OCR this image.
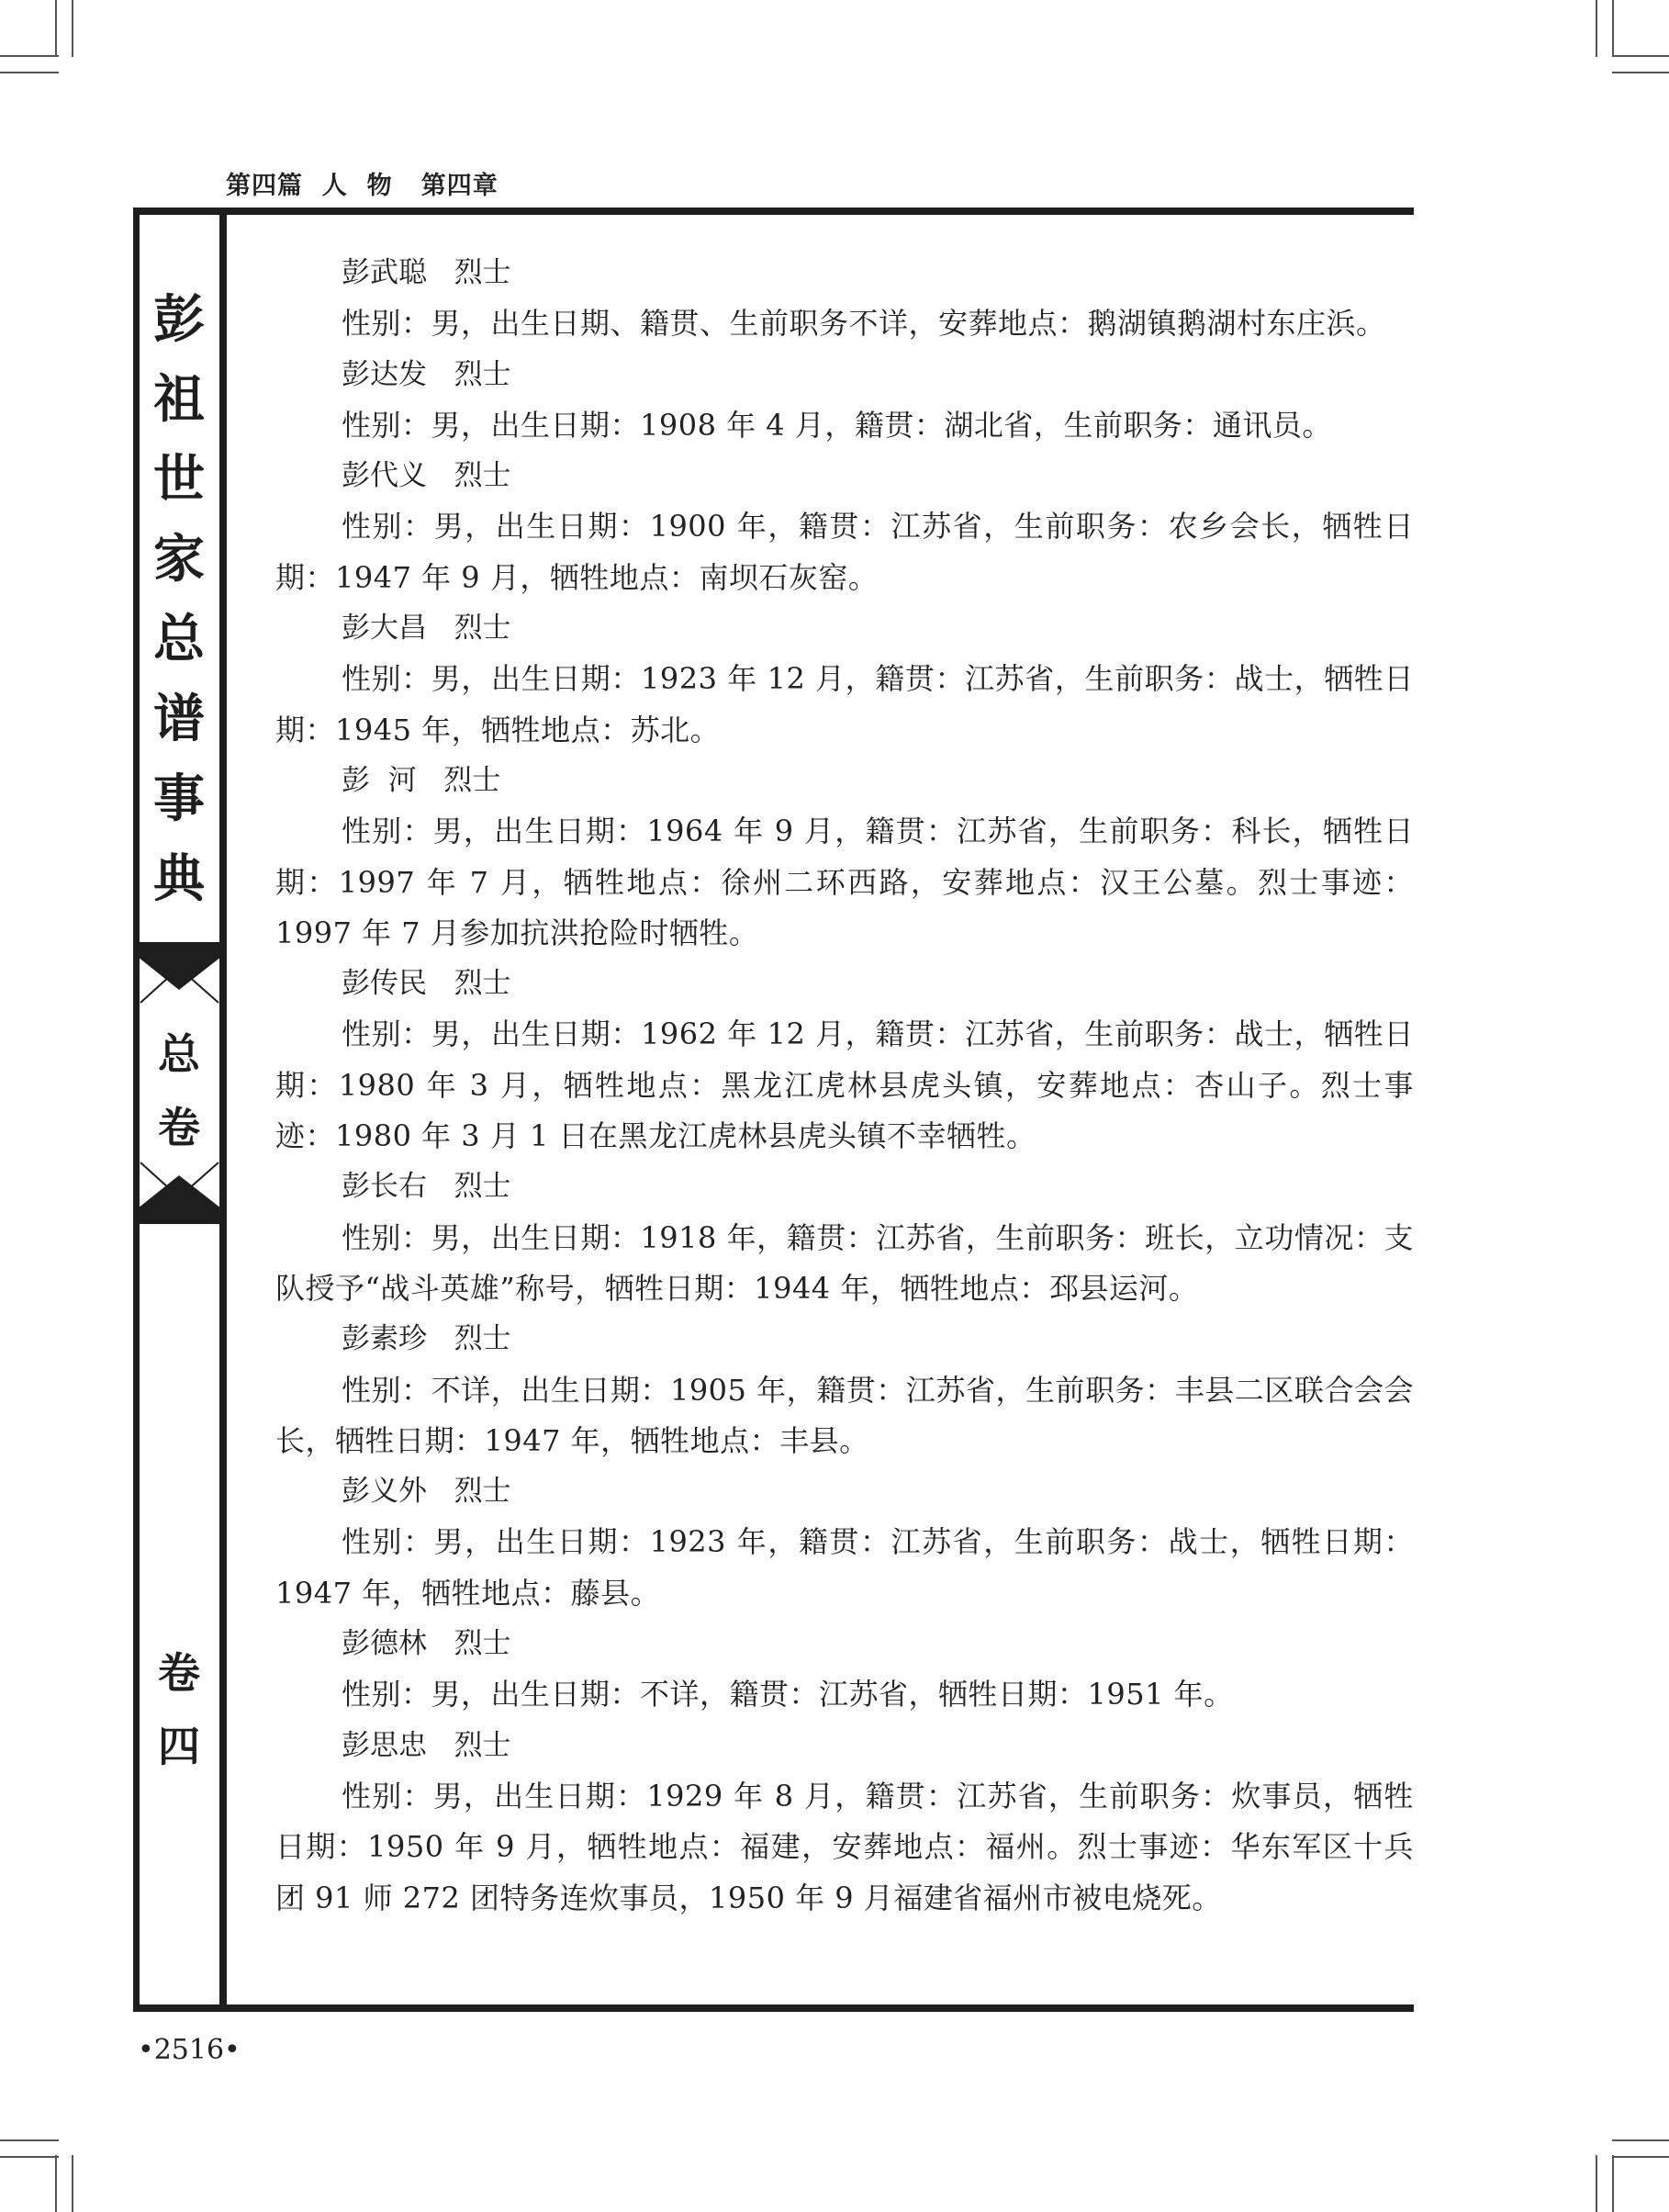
第四篇  人  物   第四章
彭
祖
世
家
总
谱
事
典
总
卷
卷
四

彭武聪 烈士

性别：男，出生日期、籍贯、生前职务不详，安葬地点：鹅湖镇鹅湖村东庄浜。

彭达发 烈士

性别：男，出生日期：1908 年 4 月，籍贯：湖北省，生前职务：通讯员。

彭代义 烈士

性别：男，出生日期：1900 年，籍贯：江苏省，生前职务：农乡会长，牺牲日期：1947 年 9 月，牺牲地点：南坝石灰窑。

彭大昌 烈士

性别：男，出生日期：1923 年 12 月，籍贯：江苏省，生前职务：战士，牺牲日期：1945 年，牺牲地点：苏北。

彭  河 烈士

性别：男，出生日期：1964 年 9 月，籍贯：江苏省，生前职务：科长，牺牲日期：1997 年 7 月，牺牲地点：徐州二环西路，安葬地点：汉王公墓。烈士事迹：1997 年 7 月参加抗洪抢险时牺牲。

彭传民 烈士

性别：男，出生日期：1962 年 12 月，籍贯：江苏省，生前职务：战士，牺牲日期：1980 年 3 月，牺牲地点：黑龙江虎林县虎头镇，安葬地点：杏山子。烈士事迹：1980 年 3 月 1 日在黑龙江虎林县虎头镇不幸牺牲。

彭长右 烈士

性别：男，出生日期：1918 年，籍贯：江苏省，生前职务：班长，立功情况：支队授予“战斗英雄”称号，牺牲日期：1944 年，牺牲地点：邳县运河。

彭素珍 烈士

性别：不详，出生日期：1905 年，籍贯：江苏省，生前职务：丰县二区联合会会长，牺牲日期：1947 年，牺牲地点：丰县。

彭义外 烈士

性别：男，出生日期：1923 年，籍贯：江苏省，生前职务：战士，牺牲日期：1947 年，牺牲地点：藤县。

彭德林 烈士

性别：男，出生日期：不详，籍贯：江苏省，牺牲日期：1951 年。

彭思忠 烈士

性别：男，出生日期：1929 年 8 月，籍贯：江苏省，生前职务：炊事员，牺牲日期：1950 年 9 月，牺牲地点：福建，安葬地点：福州。烈士事迹：华东军区十兵团 91 师 272 团特务连炊事员，1950 年 9 月福建省福州市被电烧死。

•2516•
